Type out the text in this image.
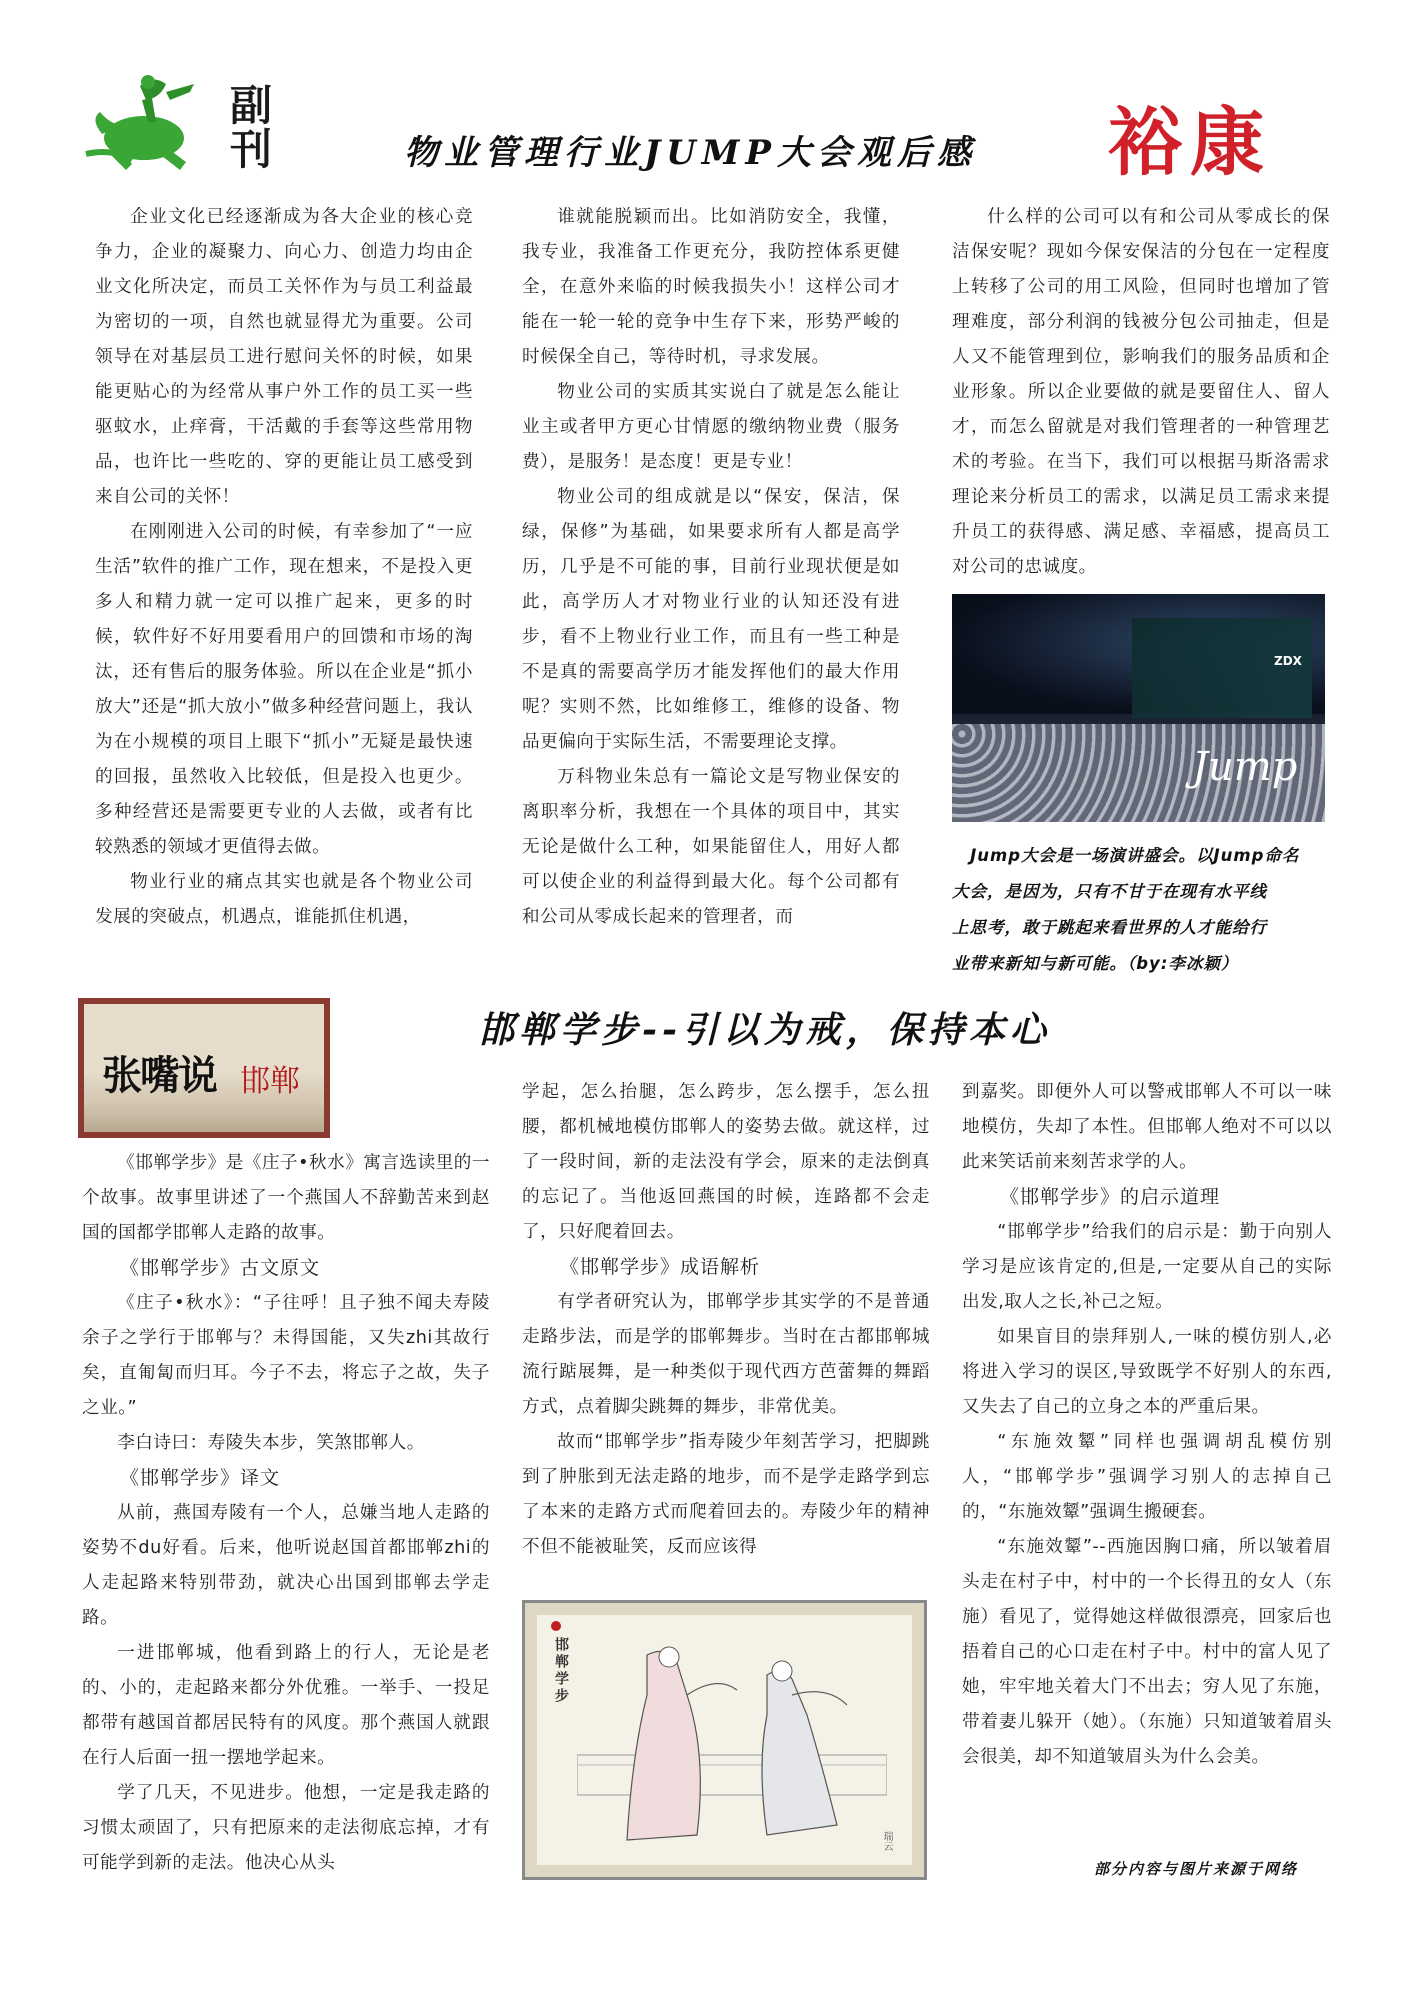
副刊	物业管理行业JUMP大会观后感 裕康

企业文化已经逐渐成为各大企业的核心竞争力，企业的凝聚力、向心力、创造力均由企业文化所决定，而员工关怀作为与员工利益最为密切的一项，自然也就显得尤为重要。公司领导在对基层员工进行慰问关怀的时候，如果能更贴心的为经常从事户外工作的员工买一些驱蚊水，止痒膏，干活戴的手套等这些常用物品，也许比一些吃的、穿的更能让员工感受到来自公司的关怀！

在刚刚进入公司的时候，有幸参加了“一应生活”软件的推广工作，现在想来，不是投入更多人和精力就一定可以推广起来，更多的时候，软件好不好用要看用户的回馈和市场的淘汰，还有售后的服务体验。所以在企业是“抓小放大”还是“抓大放小”做多种经营问题上，我认为在小规模的项目上眼下“抓小”无疑是最快速的回报，虽然收入比较低，但是投入也更少。多种经营还是需要更专业的人去做，或者有比较熟悉的领域才更值得去做。

物业行业的痛点其实也就是各个物业公司发展的突破点，机遇点，谁能抓住机遇，

谁就能脱颖而出。比如消防安全，我懂，我专业，我准备工作更充分，我防控体系更健全，在意外来临的时候我损失小！这样公司才能在一轮一轮的竞争中生存下来，形势严峻的时候保全自己，等待时机，寻求发展。

物业公司的实质其实说白了就是怎么能让业主或者甲方更心甘情愿的缴纳物业费（服务费），是服务！是态度！更是专业！

物业公司的组成就是以“保安，保洁，保绿，保修”为基础，如果要求所有人都是高学历，几乎是不可能的事，目前行业现状便是如此，高学历人才对物业行业的认知还没有进步，看不上物业行业工作，而且有一些工种是不是真的需要高学历才能发挥他们的最大作用呢？实则不然，比如维修工，维修的设备、物品更偏向于实际生活，不需要理论支撑。

万科物业朱总有一篇论文是写物业保安的离职率分析，我想在一个具体的项目中，其实无论是做什么工种，如果能留住人，用好人都可以使企业的利益得到最大化。每个公司都有和公司从零成长起来的管理者，而

什么样的公司可以有和公司从零成长的保洁保安呢？现如今保安保洁的分包在一定程度上转移了公司的用工风险，但同时也增加了管理难度，部分利润的钱被分包公司抽走，但是人又不能管理到位，影响我们的服务品质和企业形象。所以企业要做的就是要留住人、留人才，而怎么留就是对我们管理者的一种管理艺术的考验。在当下，我们可以根据马斯洛需求理论来分析员工的需求，以满足员工需求来提升员工的获得感、满足感、幸福感，提高员工对公司的忠诚度。

ZDX
Jump

Jump大会是一场演讲盛会。以Jump命名

大会，是因为，只有不甘于在现有水平线

上思考，敢于跳起来看世界的人才能给行

业带来新知与新可能。（by:李冰颖）

张嘴说 邯郸
邯郸学步--引以为戒，保持本心

《邯郸学步》是《庄子•秋水》寓言选读里的一个故事。故事里讲述了一个燕国人不辞勤苦来到赵国的国都学邯郸人走路的故事。

《邯郸学步》古文原文

《庄子•秋水》：“子往呼！且子独不闻夫寿陵余子之学行于邯郸与？未得国能，又失zhi其故行矣，直匍匐而归耳。今子不去，将忘子之故，失子之业。”

李白诗曰：寿陵失本步，笑煞邯郸人。

《邯郸学步》译文

从前，燕国寿陵有一个人，总嫌当地人走路的姿势不du好看。后来，他听说赵国首都邯郸zhi的人走起路来特别带劲，就决心出国到邯郸去学走路。

一进邯郸城，他看到路上的行人，无论是老的、小的，走起路来都分外优雅。一举手、一投足都带有越国首都居民特有的风度。那个燕国人就跟在行人后面一扭一摆地学起来。

学了几天，不见进步。他想，一定是我走路的习惯太顽固了，只有把原来的走法彻底忘掉，才有可能学到新的走法。他决心从头

学起，怎么抬腿，怎么跨步，怎么摆手，怎么扭腰，都机械地模仿邯郸人的姿势去做。就这样，过了一段时间，新的走法没有学会，原来的走法倒真的忘记了。当他返回燕国的时候，连路都不会走了，只好爬着回去。

《邯郸学步》成语解析

有学者研究认为，邯郸学步其实学的不是普通走路步法，而是学的邯郸舞步。当时在古都邯郸城流行踮展舞，是一种类似于现代西方芭蕾舞的舞蹈方式，点着脚尖跳舞的舞步，非常优美。

故而“邯郸学步”指寿陵少年刻苦学习，把脚跳到了肿胀到无法走路的地步，而不是学走路学到忘了本来的走路方式而爬着回去的。寿陵少年的精神不但不能被耻笑，反而应该得

到嘉奖。即便外人可以警戒邯郸人不可以一味地模仿，失却了本性。但邯郸人绝对不可以以此来笑话前来刻苦求学的人。

《邯郸学步》的启示道理

“邯郸学步”给我们的启示是：勤于向别人学习是应该肯定的,但是,一定要从自己的实际出发,取人之长,补己之短。

如果盲目的崇拜别人,一味的模仿别人,必将进入学习的误区,导致既学不好别人的东西,又失去了自己的立身之本的严重后果。

“东施效颦”同样也强调胡乱模仿别人，“邯郸学步”强调学习别人的志掉自己的，“东施效颦”强调生搬硬套。

“东施效颦”--西施因胸口痛，所以皱着眉头走在村子中，村中的一个长得丑的女人（东施）看见了，觉得她这样做很漂亮，回家后也捂着自己的心口走在村子中。村中的富人见了她，牢牢地关着大门不出去；穷人见了东施，带着妻儿躲开（她）。（东施）只知道皱着眉头会很美，却不知道皱眉头为什么会美。

邯郸学步
瑞云
部分内容与图片来源于网络
